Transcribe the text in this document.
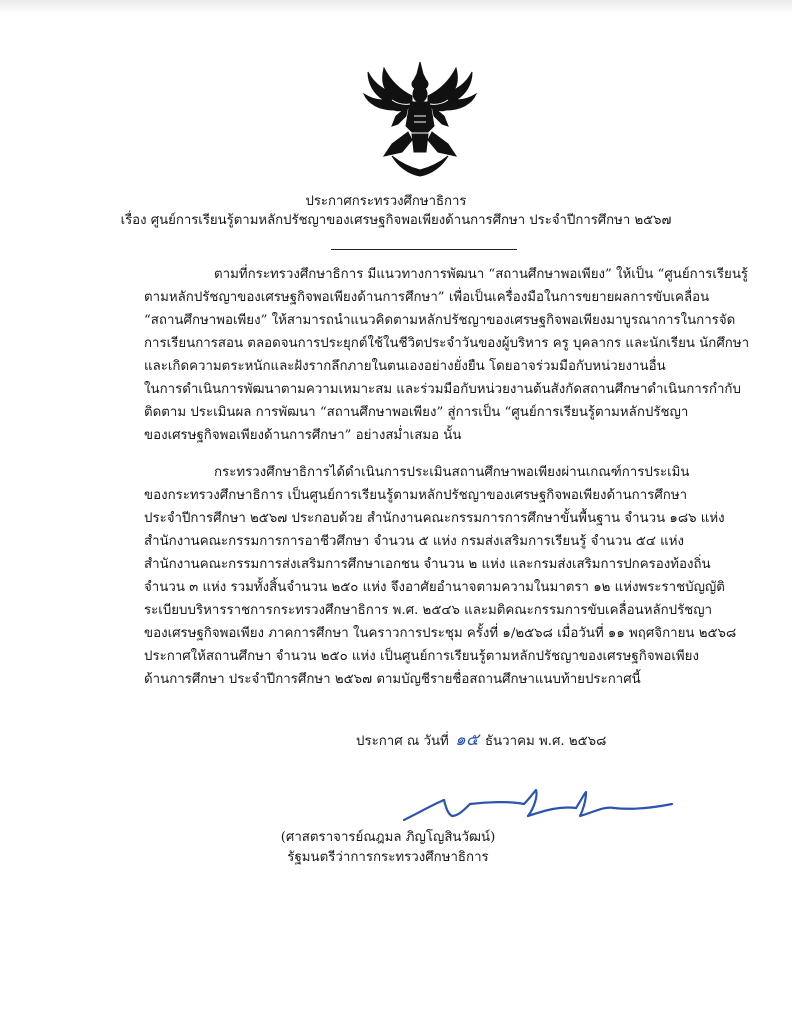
ประกาศกระทรวงศึกษาธิการ
เรื่อง ศูนย์การเรียนรู้ตามหลักปรัชญาของเศรษฐกิจพอเพียงด้านการศึกษา ประจำปีการศึกษา ๒๕๖๗
ตามที่กระทรวงศึกษาธิการ มีแนวทางการพัฒนา “สถานศึกษาพอเพียง” ให้เป็น “ศูนย์การเรียนรู้
ตามหลักปรัชญาของเศรษฐกิจพอเพียงด้านการศึกษา” เพื่อเป็นเครื่องมือในการขยายผลการขับเคลื่อน
“สถานศึกษาพอเพียง” ให้สามารถนำแนวคิดตามหลักปรัชญาของเศรษฐกิจพอเพียงมาบูรณาการในการจัด
การเรียนการสอน ตลอดจนการประยุกต์ใช้ในชีวิตประจำวันของผู้บริหาร ครู บุคลากร และนักเรียน นักศึกษา
และเกิดความตระหนักและฝังรากลึกภายในตนเองอย่างยั่งยืน โดยอาจร่วมมือกับหน่วยงานอื่น
ในการดำเนินการพัฒนาตามความเหมาะสม และร่วมมือกับหน่วยงานต้นสังกัดสถานศึกษาดำเนินการกำกับ
ติดตาม ประเมินผล การพัฒนา “สถานศึกษาพอเพียง” สู่การเป็น “ศูนย์การเรียนรู้ตามหลักปรัชญา
ของเศรษฐกิจพอเพียงด้านการศึกษา” อย่างสม่ำเสมอ นั้น
กระทรวงศึกษาธิการได้ดำเนินการประเมินสถานศึกษาพอเพียงผ่านเกณฑ์การประเมิน
ของกระทรวงศึกษาธิการ เป็นศูนย์การเรียนรู้ตามหลักปรัชญาของเศรษฐกิจพอเพียงด้านการศึกษา
ประจำปีการศึกษา ๒๕๖๗ ประกอบด้วย สำนักงานคณะกรรมการการศึกษาขั้นพื้นฐาน จำนวน ๑๘๖ แห่ง
สำนักงานคณะกรรมการการอาชีวศึกษา จำนวน ๕ แห่ง กรมส่งเสริมการเรียนรู้ จำนวน ๕๔ แห่ง
สำนักงานคณะกรรมการส่งเสริมการศึกษาเอกชน จำนวน ๒ แห่ง และกรมส่งเสริมการปกครองท้องถิ่น
จำนวน ๓ แห่ง รวมทั้งสิ้นจำนวน ๒๕๐ แห่ง จึงอาศัยอำนาจตามความในมาตรา ๑๒ แห่งพระราชบัญญัติ
ระเบียบบริหารราชการกระทรวงศึกษาธิการ พ.ศ. ๒๕๔๖ และมติคณะกรรมการขับเคลื่อนหลักปรัชญา
ของเศรษฐกิจพอเพียง ภาคการศึกษา ในคราวการประชุม ครั้งที่ ๑/๒๕๖๘ เมื่อวันที่ ๑๑ พฤศจิกายน ๒๕๖๘
ประกาศให้สถานศึกษา จำนวน ๒๕๐ แห่ง เป็นศูนย์การเรียนรู้ตามหลักปรัชญาของเศรษฐกิจพอเพียง
ด้านการศึกษา ประจำปีการศึกษา ๒๕๖๗ ตามบัญชีรายชื่อสถานศึกษาแนบท้ายประกาศนี้
ประกาศ ณ วันที่ ๑๕ ธันวาคม พ.ศ. ๒๕๖๘
(ศาสตราจารย์ณฎมล ภิญโญสินวัฒน์)
รัฐมนตรีว่าการกระทรวงศึกษาธิการ
